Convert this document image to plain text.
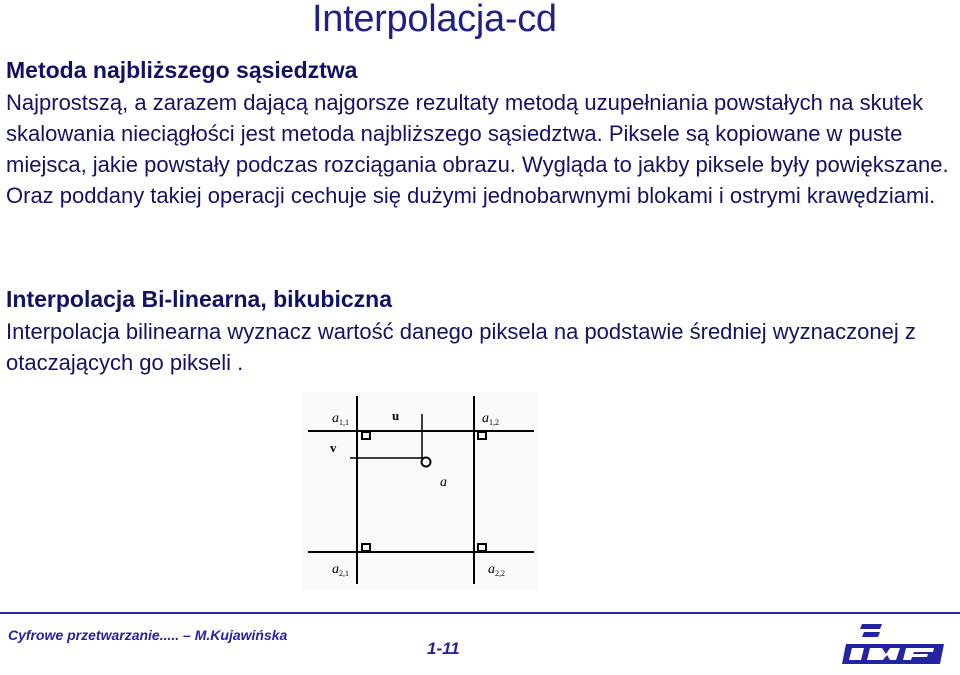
Interpolacja-cd
Metoda najbliższego sąsiedztwa

Najprostszą, a zarazem dającą najgorsze rezultaty metodą uzupełniania powstałych na skutek skalowania nieciągłości jest metoda najbliższego sąsiedztwa. Piksele są kopiowane w puste miejsca, jakie powstały podczas rozciągania obrazu. Wygląda to jakby piksele były powiększane. Oraz poddany takiej operacji cechuje się dużymi jednobarwnymi blokami i ostrymi krawędziami.

Interpolacja Bi-linearna, bikubiczna

Interpolacja bilinearna wyznacz wartość danego piksela na podstawie średniej wyznaczonej z otaczających go pikseli .

$a_{1,1}$	u	$a_{1,2}$
v
a
$a_{2,1}$	$a_{2,2}$

Cyfrowe przetwarzanie..... – M.Kujawińska

1-11
